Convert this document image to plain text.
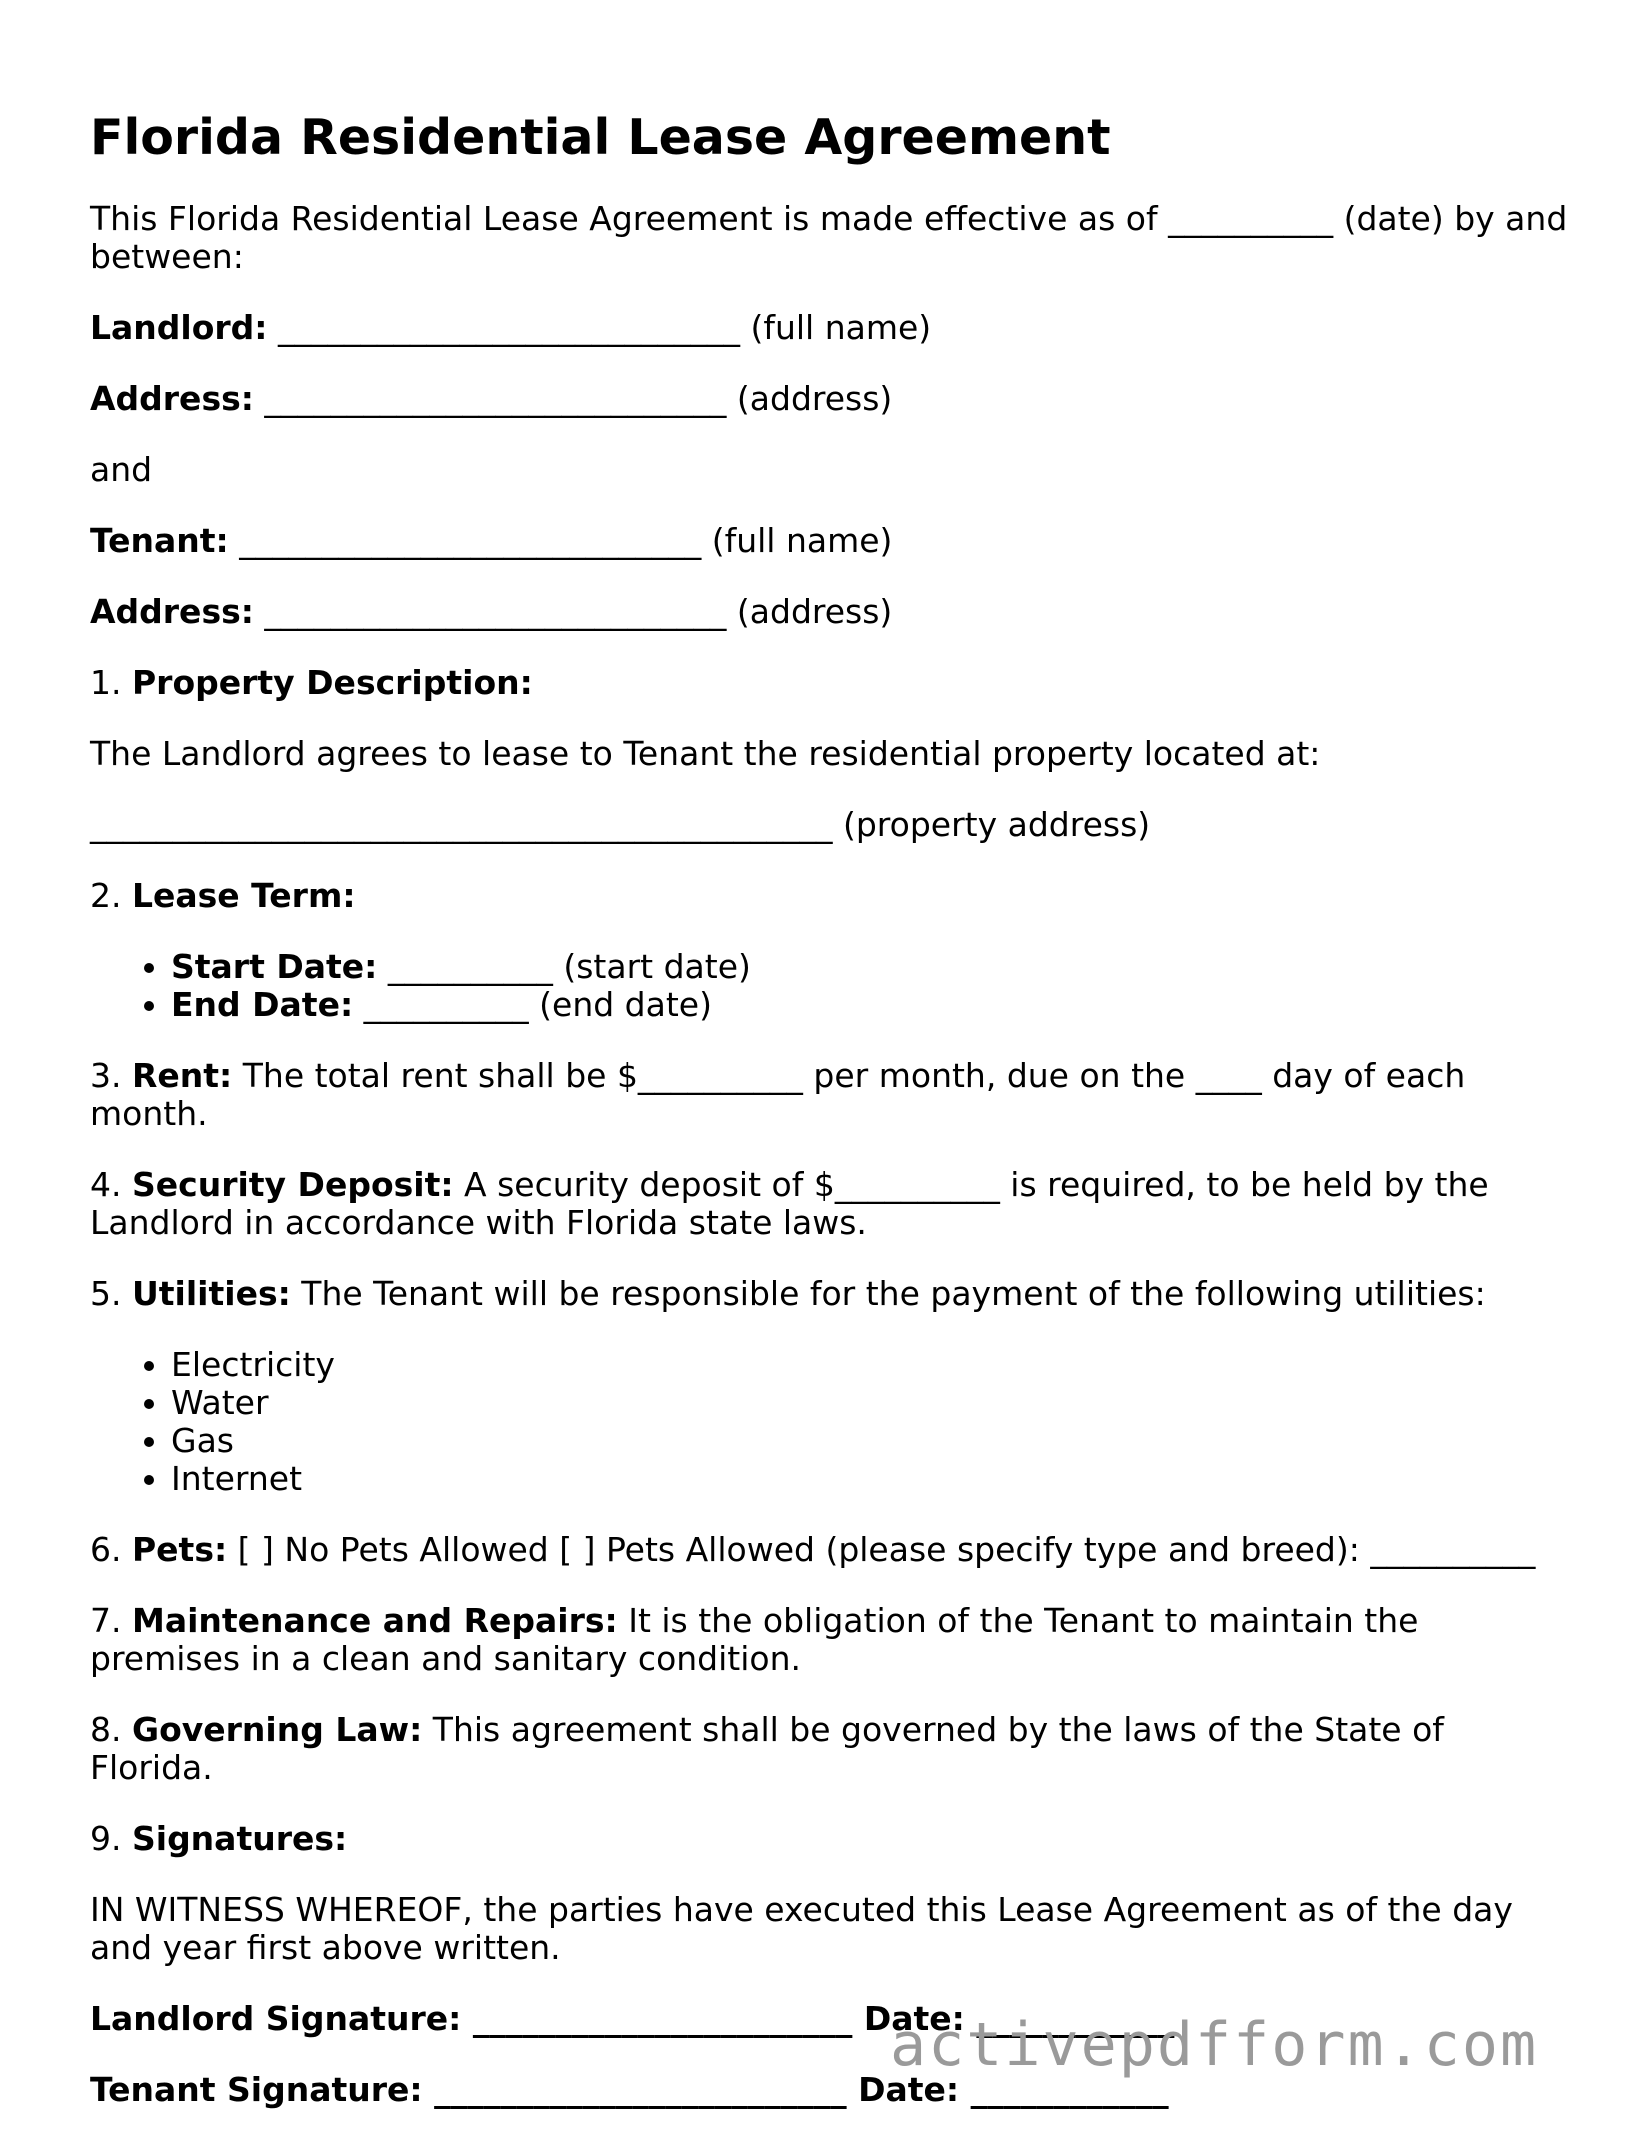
Florida Residential Lease Agreement

This Florida Residential Lease Agreement is made effective as of __________ (date) by and between:

Landlord: ____________________________ (full name)

Address: ____________________________ (address)

and

Tenant: ____________________________ (full name)

Address: ____________________________ (address)

1. Property Description:

The Landlord agrees to lease to Tenant the residential property located at:

_____________________________________________ (property address)

2. Lease Term:

• Start Date: __________ (start date)
• End Date: __________ (end date)

3. Rent: The total rent shall be $__________ per month, due on the ____ day of each month.

4. Security Deposit: A security deposit of $__________ is required, to be held by the Landlord in accordance with Florida state laws.

5. Utilities: The Tenant will be responsible for the payment of the following utilities:

• Electricity
• Water
• Gas
• Internet

6. Pets: [ ] No Pets Allowed [ ] Pets Allowed (please specify type and breed): __________

7. Maintenance and Repairs: It is the obligation of the Tenant to maintain the premises in a clean and sanitary condition.

8. Governing Law: This agreement shall be governed by the laws of the State of Florida.

9. Signatures:

IN WITNESS WHEREOF, the parties have executed this Lease Agreement as of the day and year first above written.

Landlord Signature: _______________________ Date: ____________

Tenant Signature: _________________________ Date: ____________

activepdfform.com
